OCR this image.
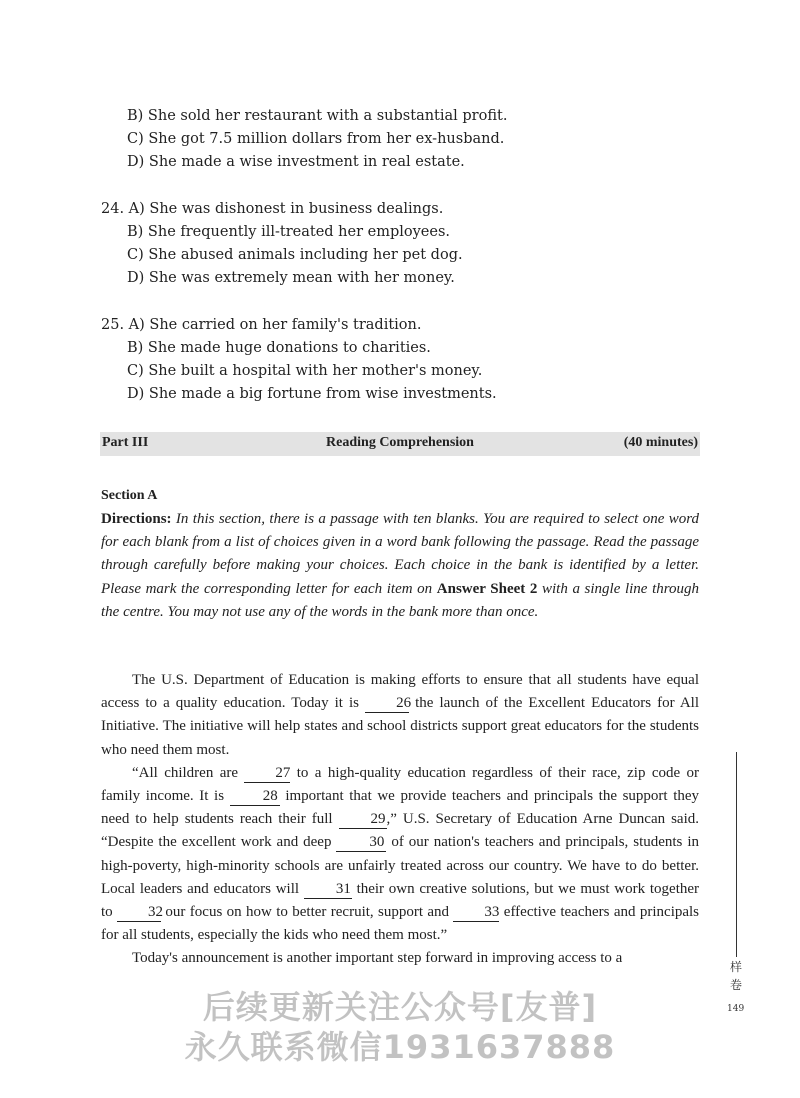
B) She sold her restaurant with a substantial profit.
C) She got 7.5 million dollars from her ex-husband.
D) She made a wise investment in real estate.
24. A) She was dishonest in business dealings.
B) She frequently ill-treated her employees.
C) She abused animals including her pet dog.
D) She was extremely mean with her money.
25. A) She carried on her family's tradition.
B) She made huge donations to charities.
C) She built a hospital with her mother's money.
D) She made a big fortune from wise investments.
Reading Comprehension
Part III	(40 minutes)
Section A
Directions: In this section, there is a passage with ten blanks. You are required to select one word for each blank from a list of choices given in a word bank following the passage. Read the passage through carefully before making your choices. Each choice in the bank is identified by a letter. Please mark the corresponding letter for each item on Answer Sheet 2 with a single line through the centre. You may not use any of the words in the bank more than once.

The U.S. Department of Education is making efforts to ensure that all students have equal access to a quality education. Today it is 26 the launch of the Excellent Educators for All Initiative. The initiative will help states and school districts support great educators for the students who need them most.

“All children are 27 to a high-quality education regardless of their race, zip code or family income. It is	28 important that we provide teachers and principals the support they need to help students reach their full	29,” U.S. Secretary of Education Arne Duncan said. “Despite the excellent work and deep	30 of our nation's teachers and principals, students in high-poverty, high-minority schools are unfairly treated across our country. We have to do better. Local leaders and educators will 31 their own creative solutions, but we must work together to 32 our focus on how to better recruit, support and 33 effective teachers and principals for all students, especially the kids who need them most.”

Today's announcement is another important step forward in improving access to a

样卷
149
后续更新关注公众号[友普]
永久联系微信1931637888
